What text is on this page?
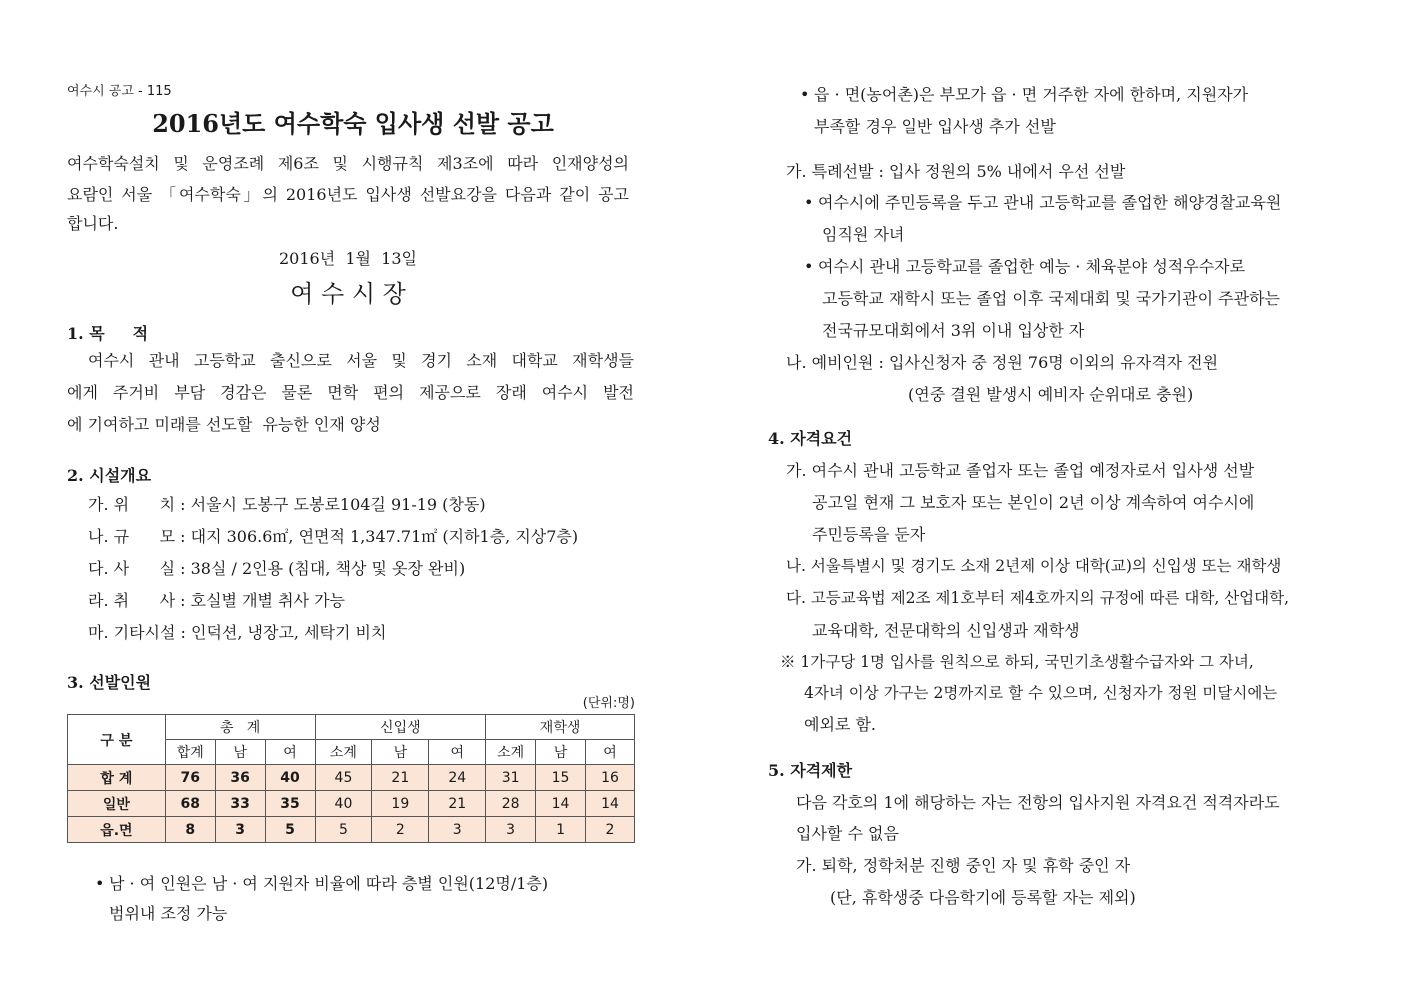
여수시 공고 - 115
2016년도 여수학숙 입사생 선발 공고
여수학숙설치 및 운영조례 제6조 및 시행규칙 제3조에 따라 인재양성의
요람인 서울 「여수학숙」의 2016년도 입사생 선발요강을 다음과 같이 공고
합니다.
2016년  1월  13일
여 수 시 장
1. 목     적
여수시 관내 고등학교 출신으로 서울 및 경기 소재 대학교 재학생들
에게 주거비 부담 경감은 물론 면학 편의 제공으로 장래 여수시 발전
에 기여하고 미래를 선도할  유능한 인재 양성
2. 시설개요
가. 위      치 : 서울시 도봉구 도봉로104길 91-19 (창동)
나. 규      모 : 대지 306.6㎡, 연면적 1,347.71㎡ (지하1층, 지상7층)
다. 사      실 : 38실 / 2인용 (침대, 책상 및 옷장 완비)
라. 취      사 : 호실별 개별 취사 가능
마. 기타시설 : 인덕션, 냉장고, 세탁기 비치
3. 선발인원
(단위:명)
구 분	총   계			신입생			재학생		
	합계	남	여	소계	남	여	소계	남	여
합 계	76	36	40	45	21	24	31	15	16
일반	68	33	35	40	19	21	28	14	14
읍.면	8	3	5	5	2	3	3	1	2
• 남 · 여 인원은 남 · 여 지원자 비율에 따라 층별 인원(12명/1층)
범위내 조정 가능
• 읍 · 면(농어촌)은 부모가 읍 · 면 거주한 자에 한하며, 지원자가
부족할 경우 일반 입사생 추가 선발
가. 특례선발 : 입사 정원의 5% 내에서 우선 선발
• 여수시에 주민등록을 두고 관내 고등학교를 졸업한 해양경찰교육원
임직원 자녀
• 여수시 관내 고등학교를 졸업한 예능 · 체육분야 성적우수자로
고등학교 재학시 또는 졸업 이후 국제대회 및 국가기관이 주관하는
전국규모대회에서 3위 이내 입상한 자
나. 예비인원 : 입사신청자 중 정원 76명 이외의 유자격자 전원
(연중 결원 발생시 예비자 순위대로 충원)
4. 자격요건
가. 여수시 관내 고등학교 졸업자 또는 졸업 예정자로서 입사생 선발
공고일 현재 그 보호자 또는 본인이 2년 이상 계속하여 여수시에
주민등록을 둔자
나. 서울특별시 및 경기도 소재 2년제 이상 대학(교)의 신입생 또는 재학생
다. 고등교육법 제2조 제1호부터 제4호까지의 규정에 따른 대학, 산업대학,
교육대학, 전문대학의 신입생과 재학생
※ 1가구당 1명 입사를 원칙으로 하되, 국민기초생활수급자와 그 자녀,
4자녀 이상 가구는 2명까지로 할 수 있으며, 신청자가 정원 미달시에는
예외로 함.
5. 자격제한
다음 각호의 1에 해당하는 자는 전항의 입사지원 자격요건 적격자라도
입사할 수 없음
가. 퇴학, 정학처분 진행 중인 자 및 휴학 중인 자
(단, 휴학생중 다음학기에 등록할 자는 제외)
